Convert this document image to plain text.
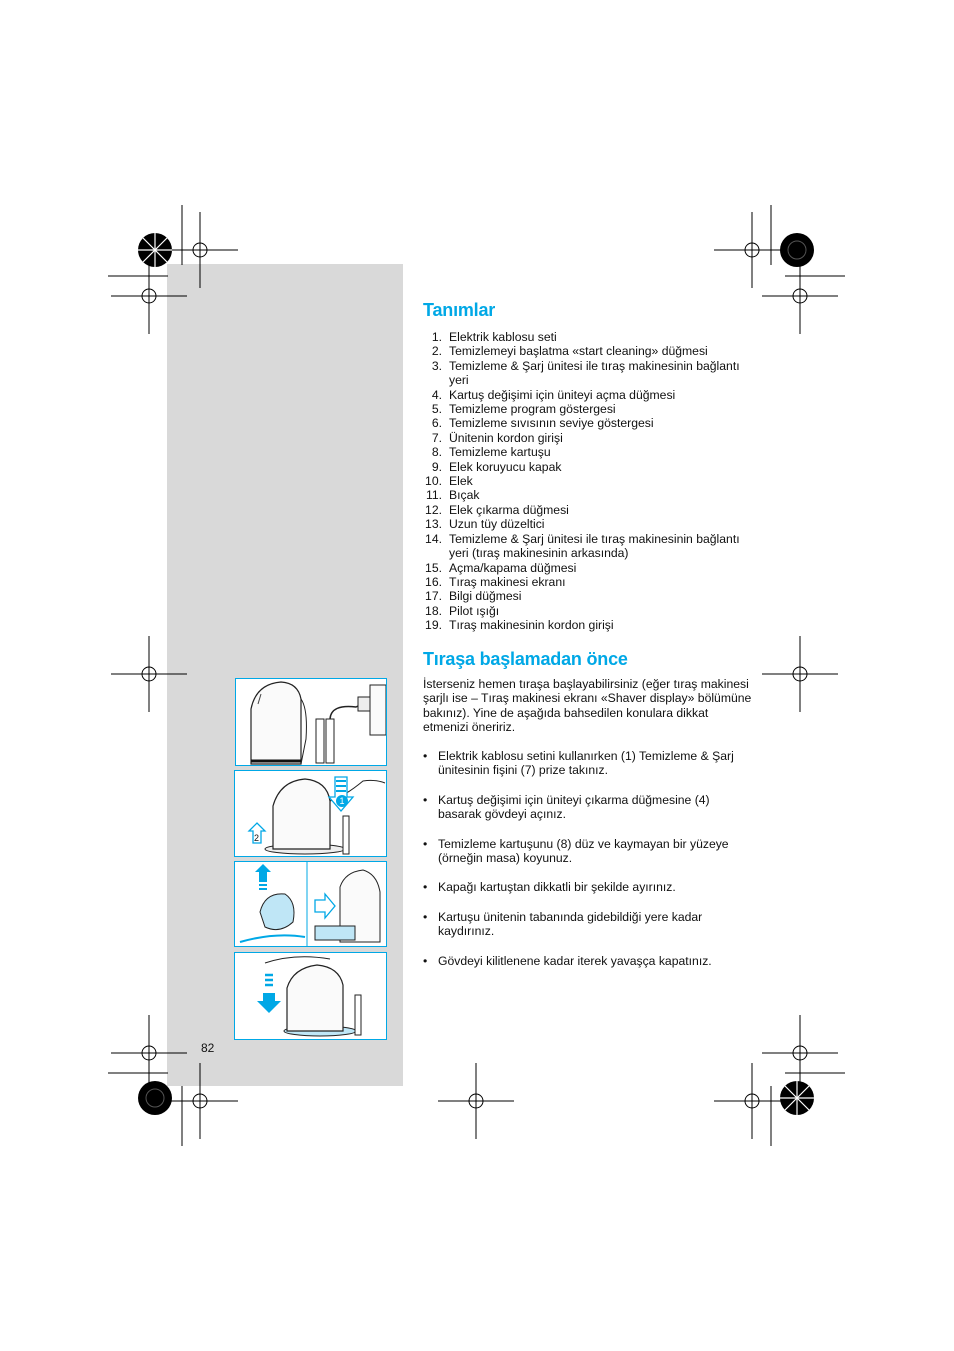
Tanımlar
1. Elektrik kablosu seti
2. Temizlemeyi başlatma «start cleaning» düğmesi
3. Temizleme & Şarj ünitesi ile tıraş makinesinin bağlantı yeri
4. Kartuş değişimi için üniteyi açma düğmesi
5. Temizleme program göstergesi
6. Temizleme sıvısının seviye göstergesi
7. Ünitenin kordon girişi
8. Temizleme kartuşu
9. Elek koruyucu kapak
10. Elek
11. Bıçak
12. Elek çıkarma düğmesi
13. Uzun tüy düzeltici
14. Temizleme & Şarj ünitesi ile tıraş makinesinin bağlantı yeri (tıraş makinesinin arkasında)
15. Açma/kapama düğmesi
16. Tıraş makinesi ekranı
17. Bilgi düğmesi
18. Pilot ışığı
19. Tıraş makinesinin kordon girişi
Tıraşa başlamadan önce

İsterseniz hemen tıraşa başlayabilirsiniz (eğer tıraş makinesi şarjlı ise – Tıraş makinesi ekranı «Shaver display» bölümüne bakınız). Yine de aşağıda bahsedilen konulara dikkat etmenizi öneririz.

• Elektrik kablosu setini kullanırken (1) Temizleme & Şarj ünitesinin fişini (7) prize takınız.
• Kartuş değişimi için üniteyi çıkarma düğmesine (4) basarak gövdeyi açınız.
• Temizleme kartuşunu (8) düz ve kaymayan bir yüzeye (örneğin masa) koyunuz.
• Kapağı kartuştan dikkatli bir şekilde ayırınız.
• Kartuşu ünitenin tabanında gidebildiği yere kadar kaydırınız.
• Gövdeyi kilitlenene kadar iterek yavaşça kapatınız.
1
2
82
